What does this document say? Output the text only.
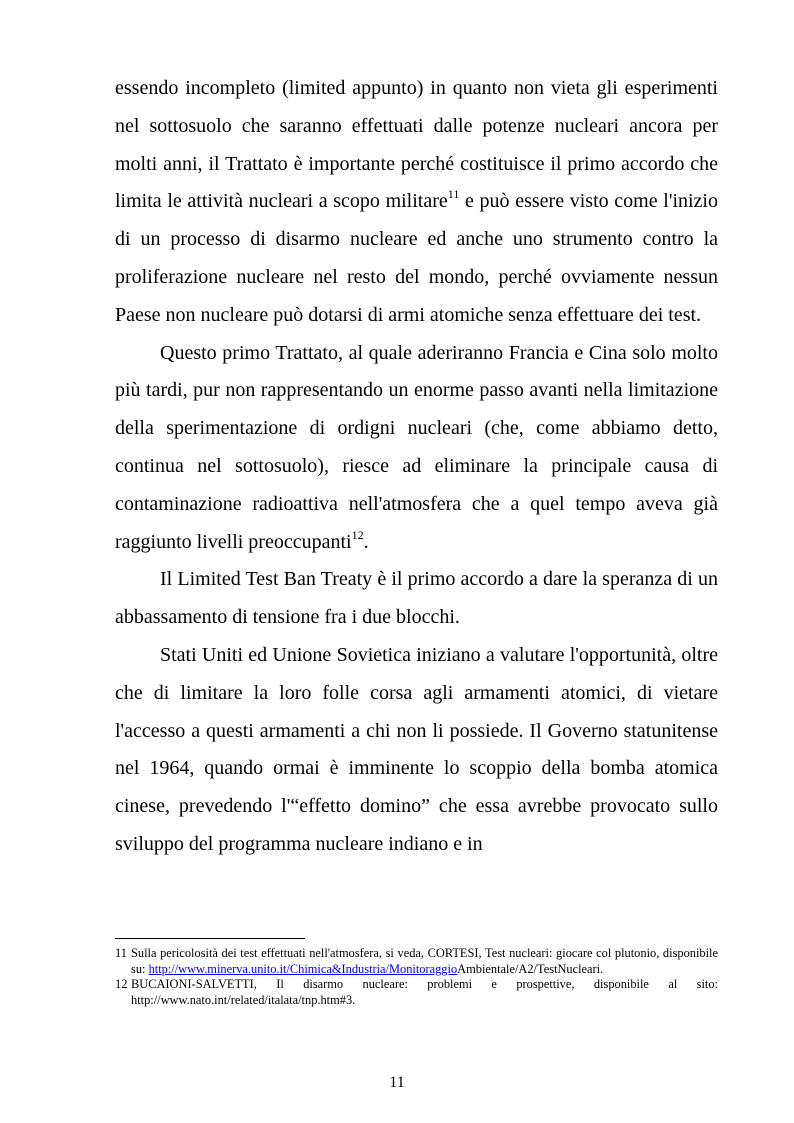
essendo incompleto (limited appunto) in quanto non vieta gli esperimenti nel sottosuolo che saranno effettuati dalle potenze nucleari ancora per molti anni, il Trattato è importante perché costituisce il primo accordo che limita le attività nucleari a scopo militare$^{11}$ e può essere visto come l'inizio di un processo di disarmo nucleare ed anche uno strumento contro la proliferazione nucleare nel resto del mondo, perché ovviamente nessun Paese non nucleare può dotarsi di armi atomiche senza effettuare dei test.

Questo primo Trattato, al quale aderiranno Francia e Cina solo molto più tardi, pur non rappresentando un enorme passo avanti nella limitazione della sperimentazione di ordigni nucleari (che, come abbiamo detto, continua nel sottosuolo), riesce ad eliminare la principale causa di contaminazione radioattiva nell'atmosfera che a quel tempo aveva già raggiunto livelli preoccupanti$^{12}$.

Il Limited Test Ban Treaty è il primo accordo a dare la speranza di un abbassamento di tensione fra i due blocchi.

Stati Uniti ed Unione Sovietica iniziano a valutare l'opportunità, oltre che di limitare la loro folle corsa agli armamenti atomici, di vietare l'accesso a questi armamenti a chi non li possiede. Il Governo statunitense nel 1964, quando ormai è imminente lo scoppio della bomba atomica cinese, prevedendo l'“effetto domino” che essa avrebbe provocato sullo sviluppo del programma nucleare indiano e in

11 Sulla pericolosità dei test effettuati nell'atmosfera, si veda, CORTESI, Test nucleari: giocare col plutonio, disponibile su: http://www.minerva.unito.it/Chimica&Industria/MonitoraggioAmbientale/A2/TestNucleari.

12 BUCAIONI-SALVETTI, Il disarmo nucleare: problemi e prospettive, disponibile al sito: http://www.nato.int/related/italata/tnp.htm#3.

11
